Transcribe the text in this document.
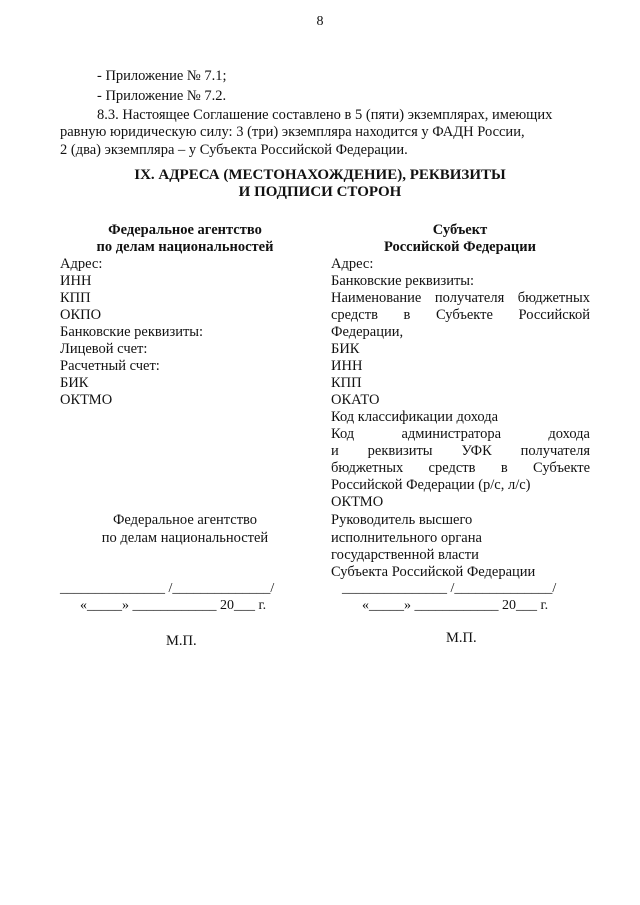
8
- Приложение № 7.1;
- Приложение № 7.2.
8.3. Настоящее Соглашение составлено в 5 (пяти) экземплярах, имеющих
равную юридическую силу: 3 (три) экземпляра находится у ФАДН России,
2 (два) экземпляра – у Субъекта Российской Федерации.
IX. АДРЕСА (МЕСТОНАХОЖДЕНИЕ), РЕКВИЗИТЫ
И ПОДПИСИ СТОРОН
Федеральное агентство
по делам национальностей
Адрес:
ИНН
КПП
ОКПО
Банковские реквизиты:
Лицевой счет:
Расчетный счет:
БИК
ОКТМО
Федеральное агентство
по делам национальностей
_______________ /______________/
«_____» ____________ 20___ г.
М.П.
Субъект
Российской Федерации
Адрес:
Банковские реквизиты:
Наименование получателя бюджетных
средств в Субъекте Российской
Федерации,
БИК
ИНН
КПП
ОКАТО
Код классификации дохода
Код администратора дохода
и реквизиты УФК получателя
бюджетных средств в Субъекте
Российской Федерации (р/с, л/с)
ОКТМО
Руководитель высшего
исполнительного органа
государственной власти
Субъекта Российской Федерации
_______________ /______________/
«_____» ____________ 20___ г.
М.П.
